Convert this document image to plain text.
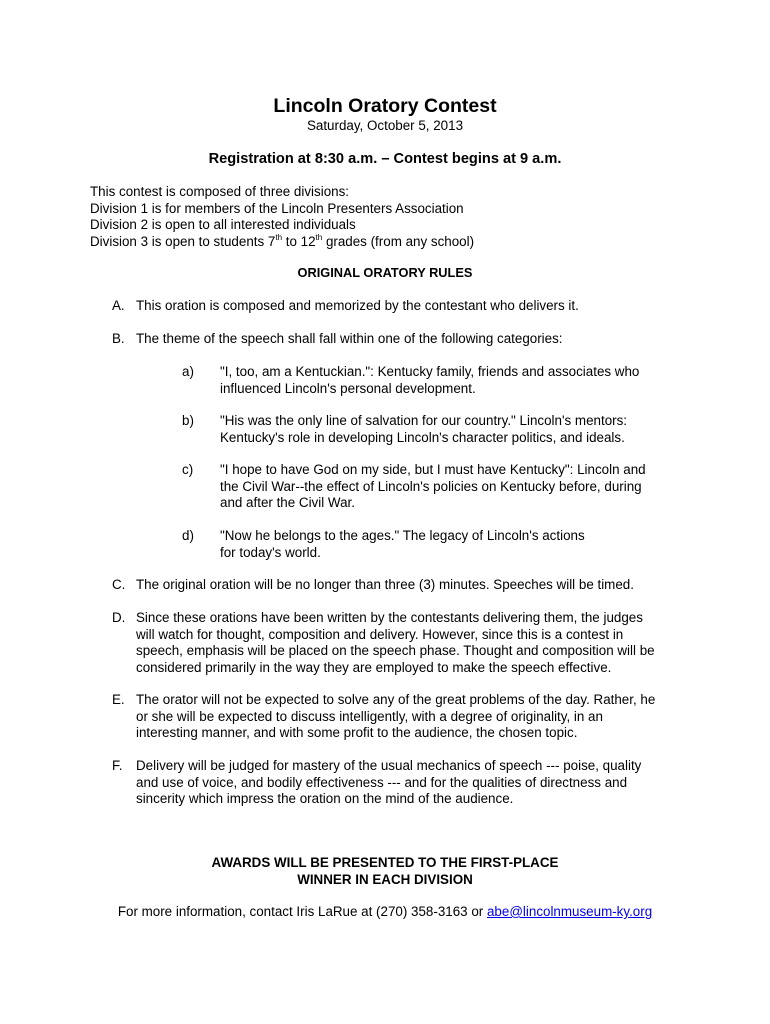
Lincoln Oratory Contest
Saturday, October 5, 2013
Registration at 8:30 a.m. – Contest begins at 9 a.m.
This contest is composed of three divisions:
Division 1 is for members of the Lincoln Presenters Association
Division 2 is open to all interested individuals
Division 3 is open to students 7th to 12th grades (from any school)
ORIGINAL ORATORY RULES
A. This oration is composed and memorized by the contestant who delivers it.
B. The theme of the speech shall fall within one of the following categories:
a) "I, too, am a Kentuckian.": Kentucky family, friends and associates who
influenced Lincoln's personal development.
b) "His was the only line of salvation for our country." Lincoln's mentors:
Kentucky's role in developing Lincoln's character politics, and ideals.
c) "I hope to have God on my side, but I must have Kentucky": Lincoln and
the Civil War--the effect of Lincoln's policies on Kentucky before, during
and after the Civil War.
d) "Now he belongs to the ages." The legacy of Lincoln's actions
for today's world.
C. The original oration will be no longer than three (3) minutes. Speeches will be timed.
D. Since these orations have been written by the contestants delivering them, the judges
will watch for thought, composition and delivery. However, since this is a contest in
speech, emphasis will be placed on the speech phase. Thought and composition will be
considered primarily in the way they are employed to make the speech effective.
E. The orator will not be expected to solve any of the great problems of the day. Rather, he
or she will be expected to discuss intelligently, with a degree of originality, in an
interesting manner, and with some profit to the audience, the chosen topic.
F. Delivery will be judged for mastery of the usual mechanics of speech --- poise, quality
and use of voice, and bodily effectiveness --- and for the qualities of directness and
sincerity which impress the oration on the mind of the audience.
AWARDS WILL BE PRESENTED TO THE FIRST-PLACE
WINNER IN EACH DIVISION
For more information, contact Iris LaRue at (270) 358-3163 or abe@lincolnmuseum-ky.org
